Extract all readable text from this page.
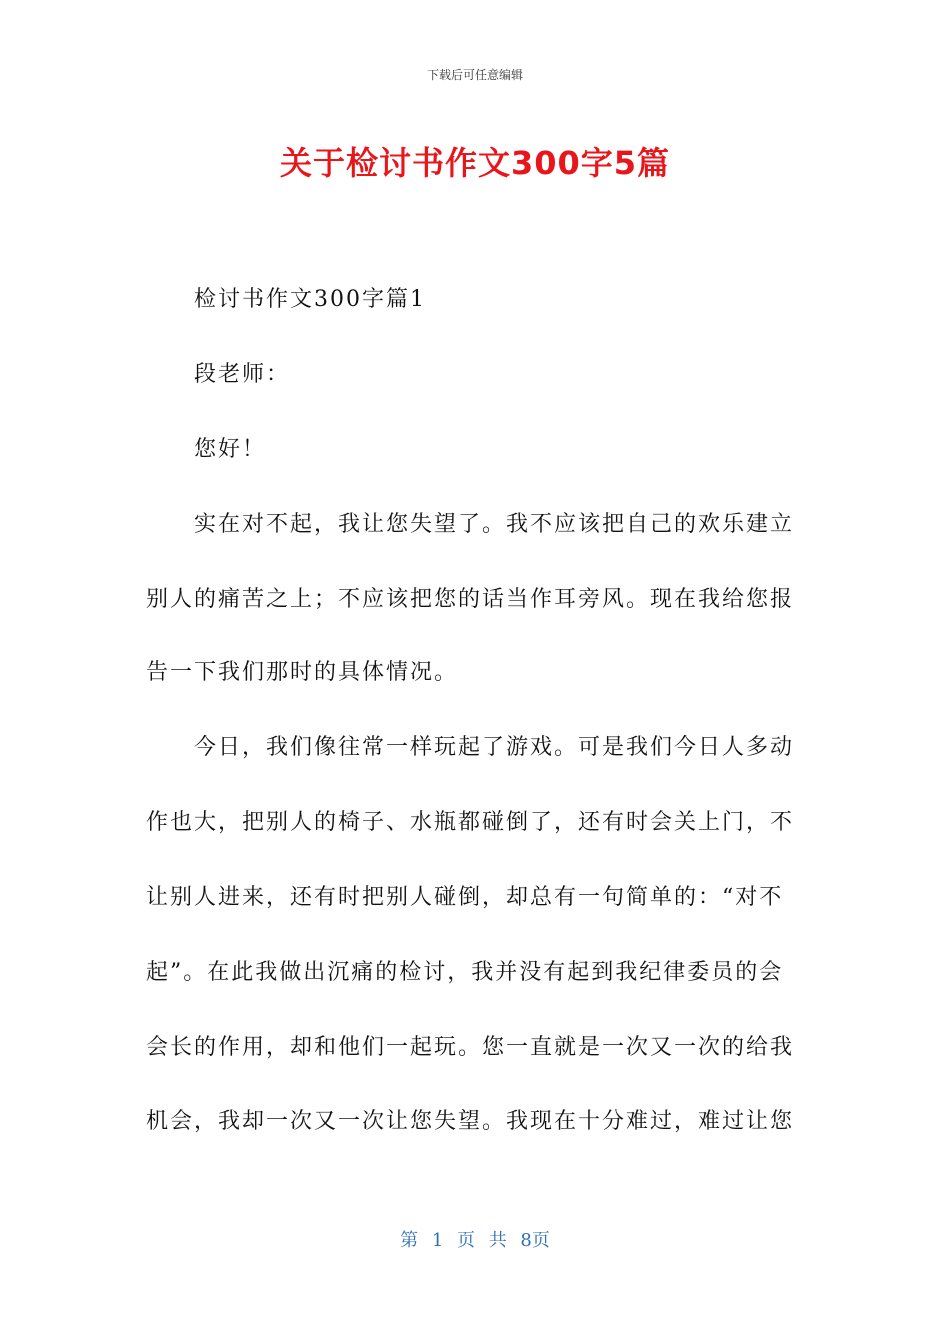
下载后可任意编辑
关于检讨书作文300字5篇
检讨书作文300字篇1
段老师：
您好！
实在对不起，我让您失望了。我不应该把自己的欢乐建立
别人的痛苦之上；不应该把您的话当作耳旁风。现在我给您报
告一下我们那时的具体情况。
今日，我们像往常一样玩起了游戏。可是我们今日人多动
作也大，把别人的椅子、水瓶都碰倒了，还有时会关上门，不
让别人进来，还有时把别人碰倒，却总有一句简单的：“对不
起”。在此我做出沉痛的检讨，我并没有起到我纪律委员的会
会长的作用，却和他们一起玩。您一直就是一次又一次的给我
机会，我却一次又一次让您失望。我现在十分难过，难过让您
第 1 页 共 8页
